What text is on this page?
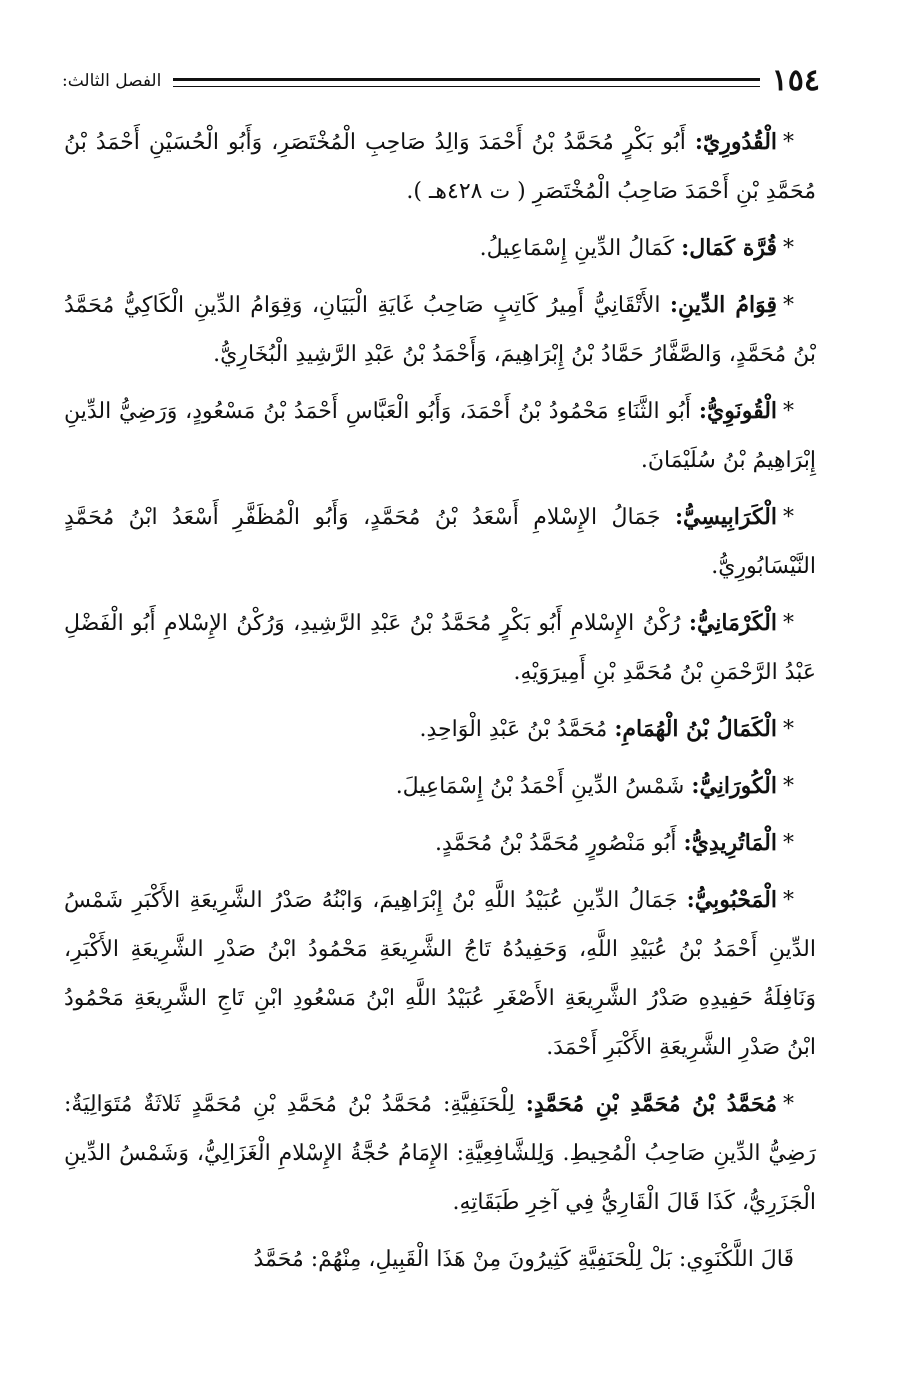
١٥٤
الفصل الثالث:

*الْقُدُورِيّ: أَبُو بَكْرٍ مُحَمَّدُ بْنُ أَحْمَدَ وَالِدُ صَاحِبِ الْمُخْتَصَرِ، وَأَبُو الْحُسَيْنِ أَحْمَدُ بْنُ مُحَمَّدِ بْنِ أَحْمَدَ صَاحِبُ الْمُخْتَصَرِ ( ت ٤٢٨هـ ).

*قُرَّة كَمَال: كَمَالُ الدِّينِ إِسْمَاعِيلُ.

*قِوَامُ الدِّينِ: الأَتْقَانِيُّ أَمِيرُ كَاتِبٍ صَاحِبُ غَايَةِ الْبَيَانِ، وَقِوَامُ الدِّينِ الْكَاكِيُّ مُحَمَّدُ بْنُ مُحَمَّدٍ، وَالصَّفَّارُ حَمَّادُ بْنُ إِبْرَاهِيمَ، وَأَحْمَدُ بْنُ عَبْدِ الرَّشِيدِ الْبُخَارِيُّ.

*الْقُونَوِيُّ: أَبُو الثَّنَاءِ مَحْمُودُ بْنُ أَحْمَدَ، وَأَبُو الْعَبَّاسِ أَحْمَدُ بْنُ مَسْعُودٍ، وَرَضِيُّ الدِّينِ إِبْرَاهِيمُ بْنُ سُلَيْمَانَ.

*الْكَرَابِيسِيُّ: جَمَالُ الإِسْلامِ أَسْعَدُ بْنُ مُحَمَّدٍ، وَأَبُو الْمُظَفَّرِ أَسْعَدُ ابْنُ مُحَمَّدٍ النَّيْسَابُورِيُّ.

*الْكَرْمَانِيُّ: رُكْنُ الإِسْلامِ أَبُو بَكْرٍ مُحَمَّدُ بْنُ عَبْدِ الرَّشِيدِ، وَرُكْنُ الإِسْلامِ أَبُو الْفَضْلِ عَبْدُ الرَّحْمَنِ بْنُ مُحَمَّدِ بْنِ أَمِيرَوَيْهِ.

*الْكَمَالُ بْنُ الْهُمَامِ: مُحَمَّدُ بْنُ عَبْدِ الْوَاحِدِ.

*الْكُورَانِيُّ: شَمْسُ الدِّينِ أَحْمَدُ بْنُ إِسْمَاعِيلَ.

*الْمَاتُرِيدِيُّ: أَبُو مَنْصُورٍ مُحَمَّدُ بْنُ مُحَمَّدٍ.

*الْمَحْبُوبِيُّ: جَمَالُ الدِّينِ عُبَيْدُ اللَّهِ بْنُ إِبْرَاهِيمَ، وَابْنُهُ صَدْرُ الشَّرِيعَةِ الأَكْبَرِ شَمْسُ الدِّينِ أَحْمَدُ بْنُ عُبَيْدِ اللَّهِ، وَحَفِيدُهُ تَاجُ الشَّرِيعَةِ مَحْمُودُ ابْنُ صَدْرِ الشَّرِيعَةِ الأَكْبَرِ، وَنَافِلَةُ حَفِيدِهِ صَدْرُ الشَّرِيعَةِ الأَصْغَرِ عُبَيْدُ اللَّهِ ابْنُ مَسْعُودِ ابْنِ تَاجِ الشَّرِيعَةِ مَحْمُودُ ابْنُ صَدْرِ الشَّرِيعَةِ الأَكْبَرِ أَحْمَدَ.

*مُحَمَّدُ بْنُ مُحَمَّدِ بْنِ مُحَمَّدٍ: لِلْحَنَفِيَّةِ: مُحَمَّدُ بْنُ مُحَمَّدِ بْنِ مُحَمَّدٍ ثَلاثَةٌ مُتَوَالِيَةٌ: رَضِيُّ الدِّينِ صَاحِبُ الْمُحِيطِ. وَلِلشَّافِعِيَّةِ: الإِمَامُ حُجَّةُ الإِسْلامِ الْغَزَالِيُّ، وَشَمْسُ الدِّينِ الْجَزَرِيُّ، كَذَا قَالَ الْقَارِيُّ فِي آخِرِ طَبَقَاتِهِ.

قَالَ اللَّكْنَوِي: بَلْ لِلْحَنَفِيَّةِ كَثِيرُونَ مِنْ هَذَا الْقَبِيلِ، مِنْهُمْ: مُحَمَّدُ
